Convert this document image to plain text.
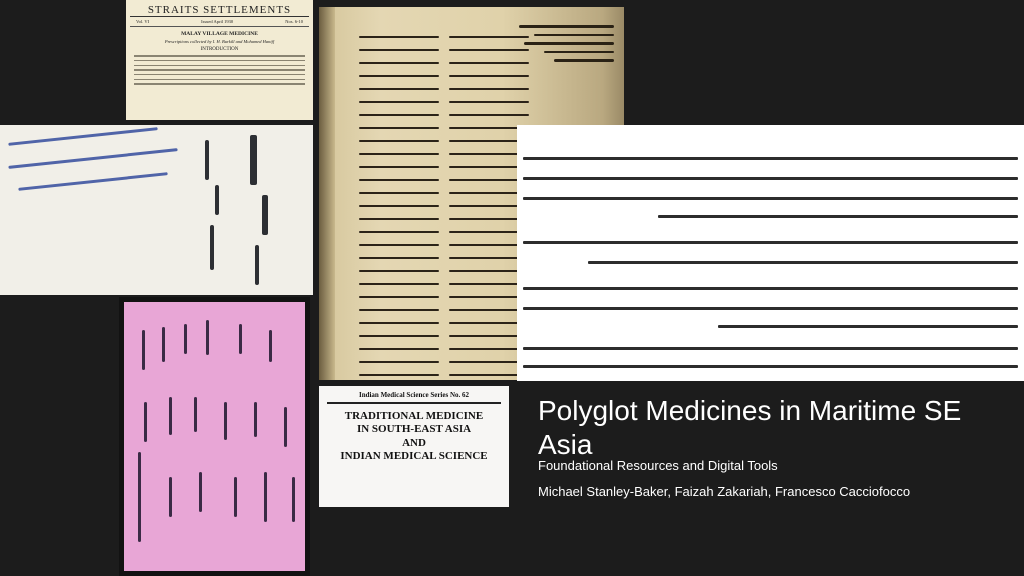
STRAITS SETTLEMENTS
Vol. VI	Issued April 1930	Nos. 6-10
MALAY VILLAGE MEDICINE
Prescriptions collected by I. H. Burkill and Mohamed Haniff
INTRODUCTION
Indian Medical Science Series No. 62
TRADITIONAL MEDICINE
IN SOUTH-EAST ASIA
AND
INDIAN MEDICAL SCIENCE
Polyglot Medicines in Maritime SE Asia

Foundational Resources and Digital Tools

Michael Stanley-Baker, Faizah Zakariah, Francesco Cacciofocco
